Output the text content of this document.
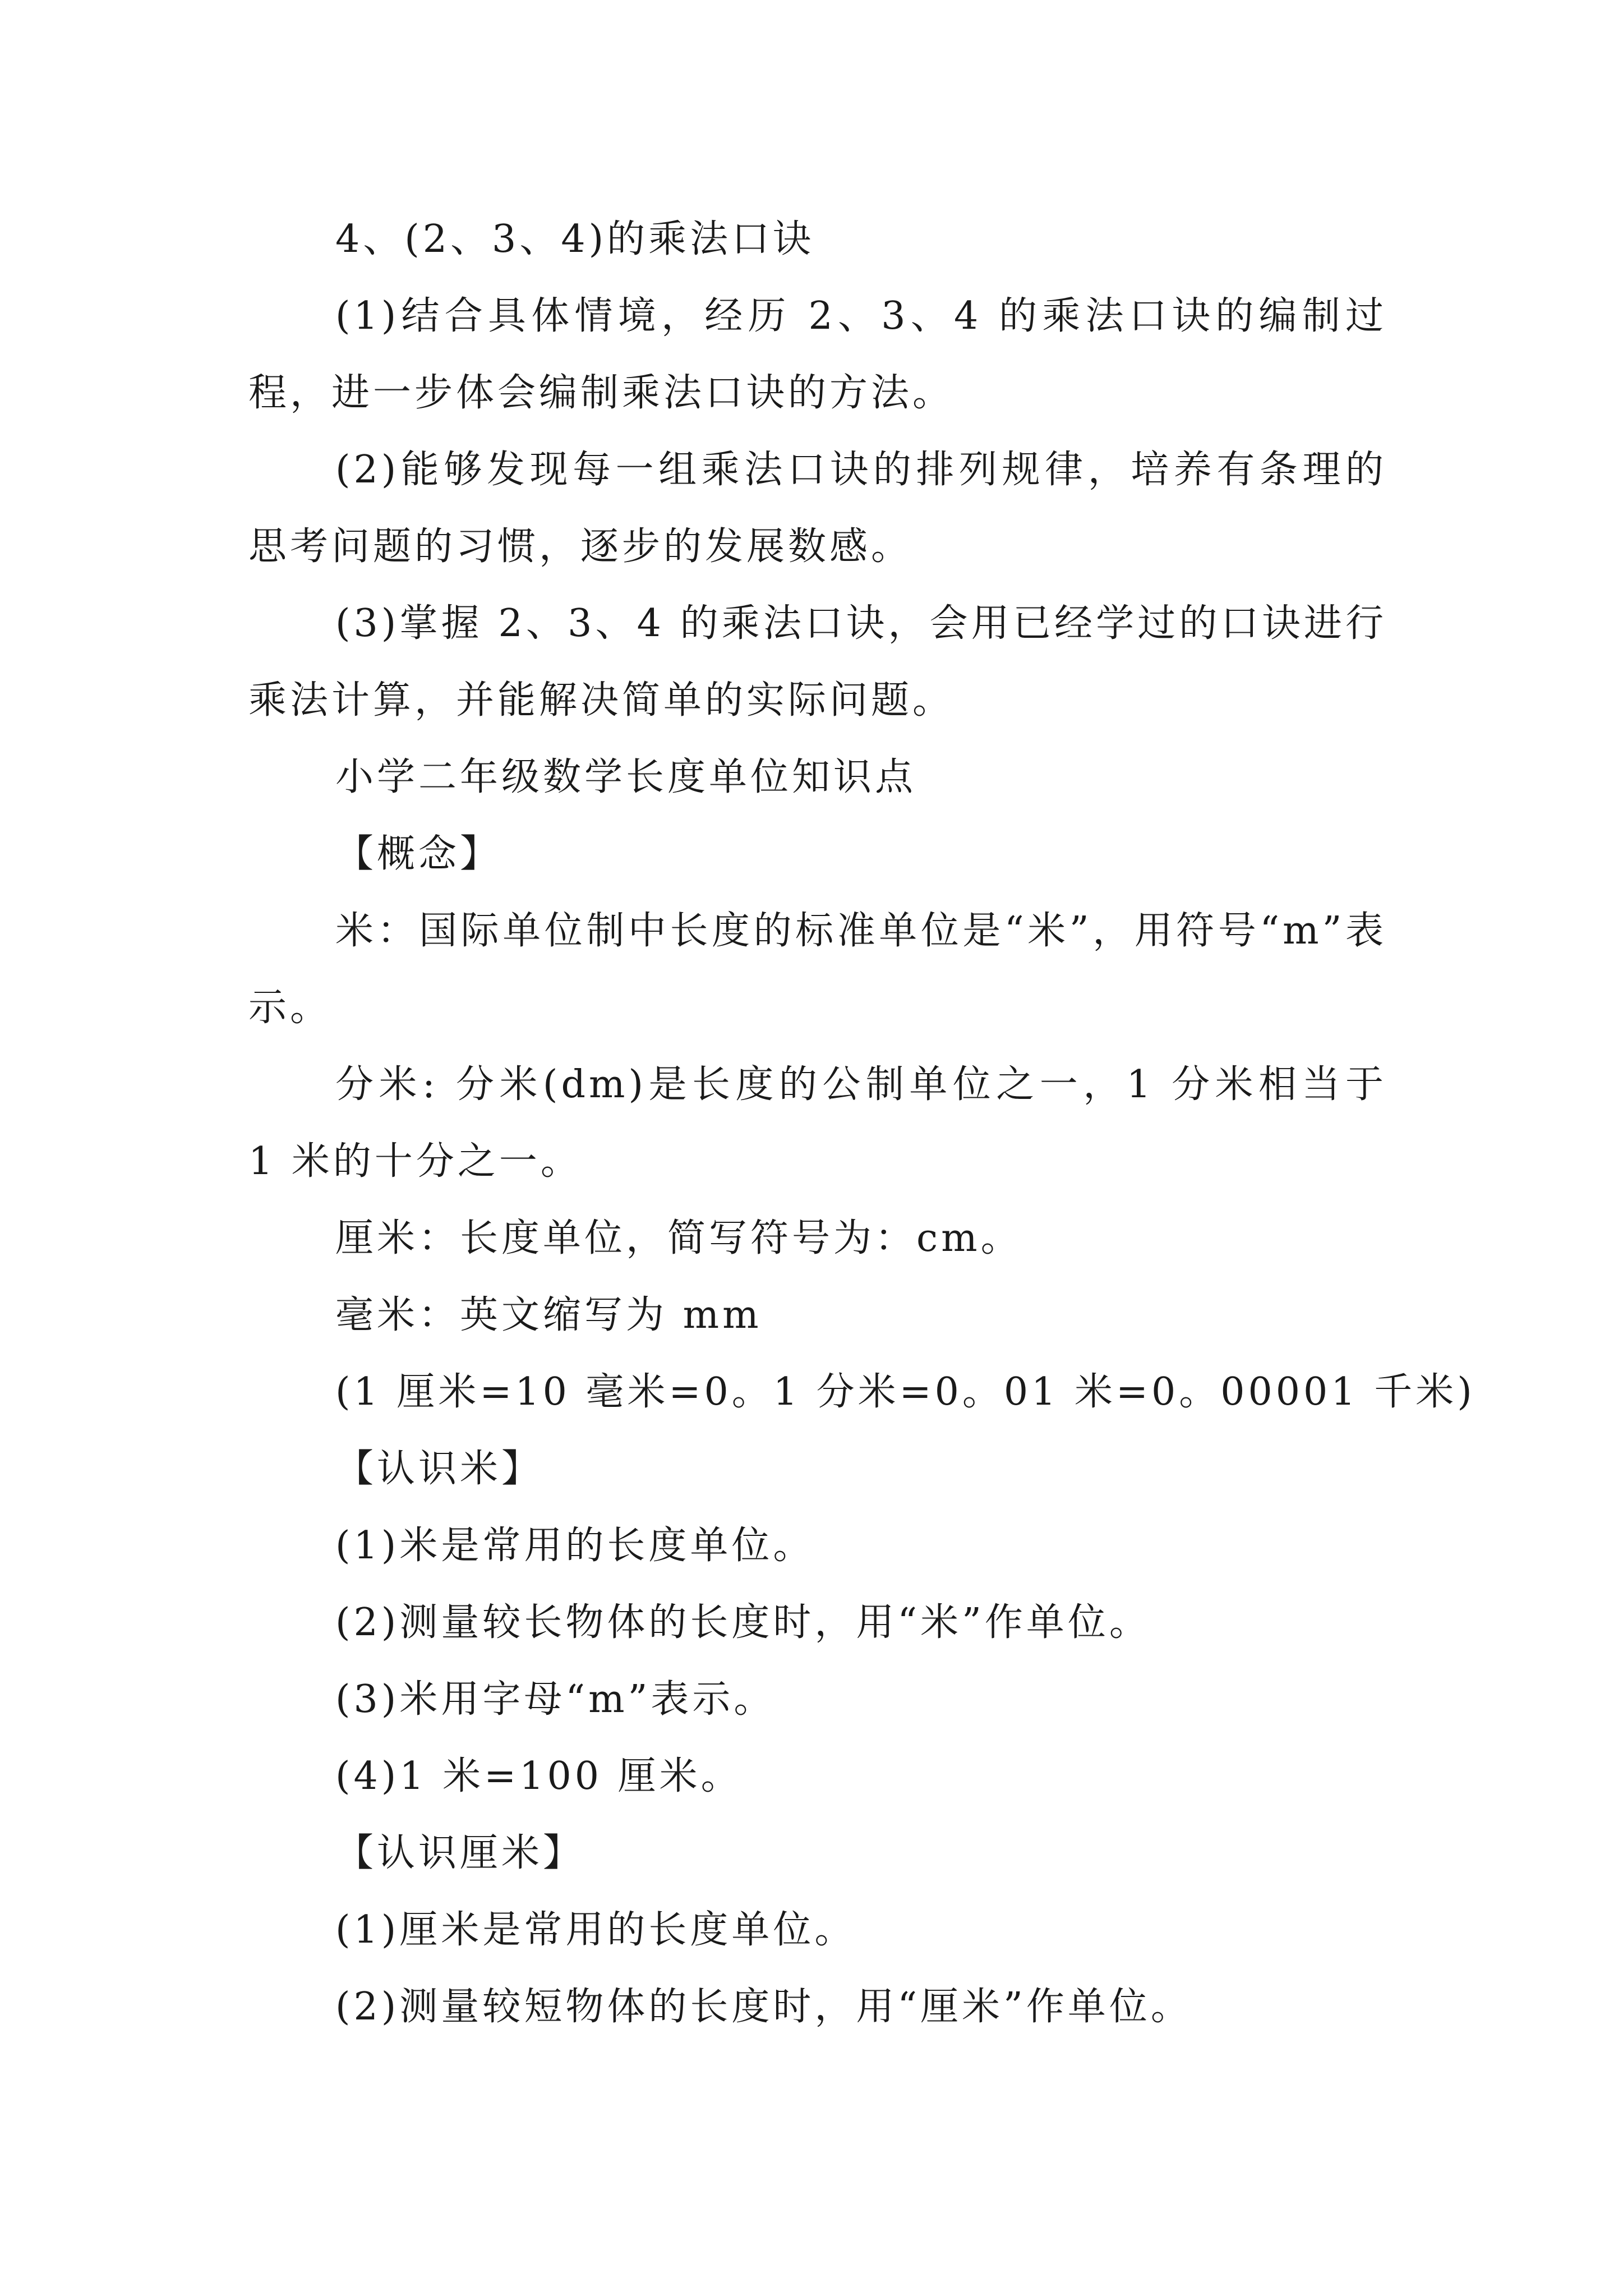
4、(2、3、4)的乘法口诀

(1)结合具体情境，经历 2、3、4 的乘法口诀的编制过程，进一步体会编制乘法口诀的方法。

(2)能够发现每一组乘法口诀的排列规律，培养有条理的思考问题的习惯，逐步的发展数感。

(3)掌握 2、3、4 的乘法口诀，会用已经学过的口诀进行乘法计算，并能解决简单的实际问题。

小学二年级数学长度单位知识点

【概念】

米：国际单位制中长度的标准单位是“米”，用符号“m”表示。

分米: 分米(dm)是长度的公制单位之一，1 分米相当于 1 米的十分之一。

厘米：长度单位，简写符号为：cm。

毫米：英文缩写为 mm

(1 厘米=10 毫米=0。1 分米=0。01 米=0。00001 千米)

【认识米】

(1)米是常用的长度单位。

(2)测量较长物体的长度时，用“米”作单位。

(3)米用字母“m”表示。

(4)1 米=100 厘米。

【认识厘米】

(1)厘米是常用的长度单位。

(2)测量较短物体的长度时，用“厘米”作单位。
